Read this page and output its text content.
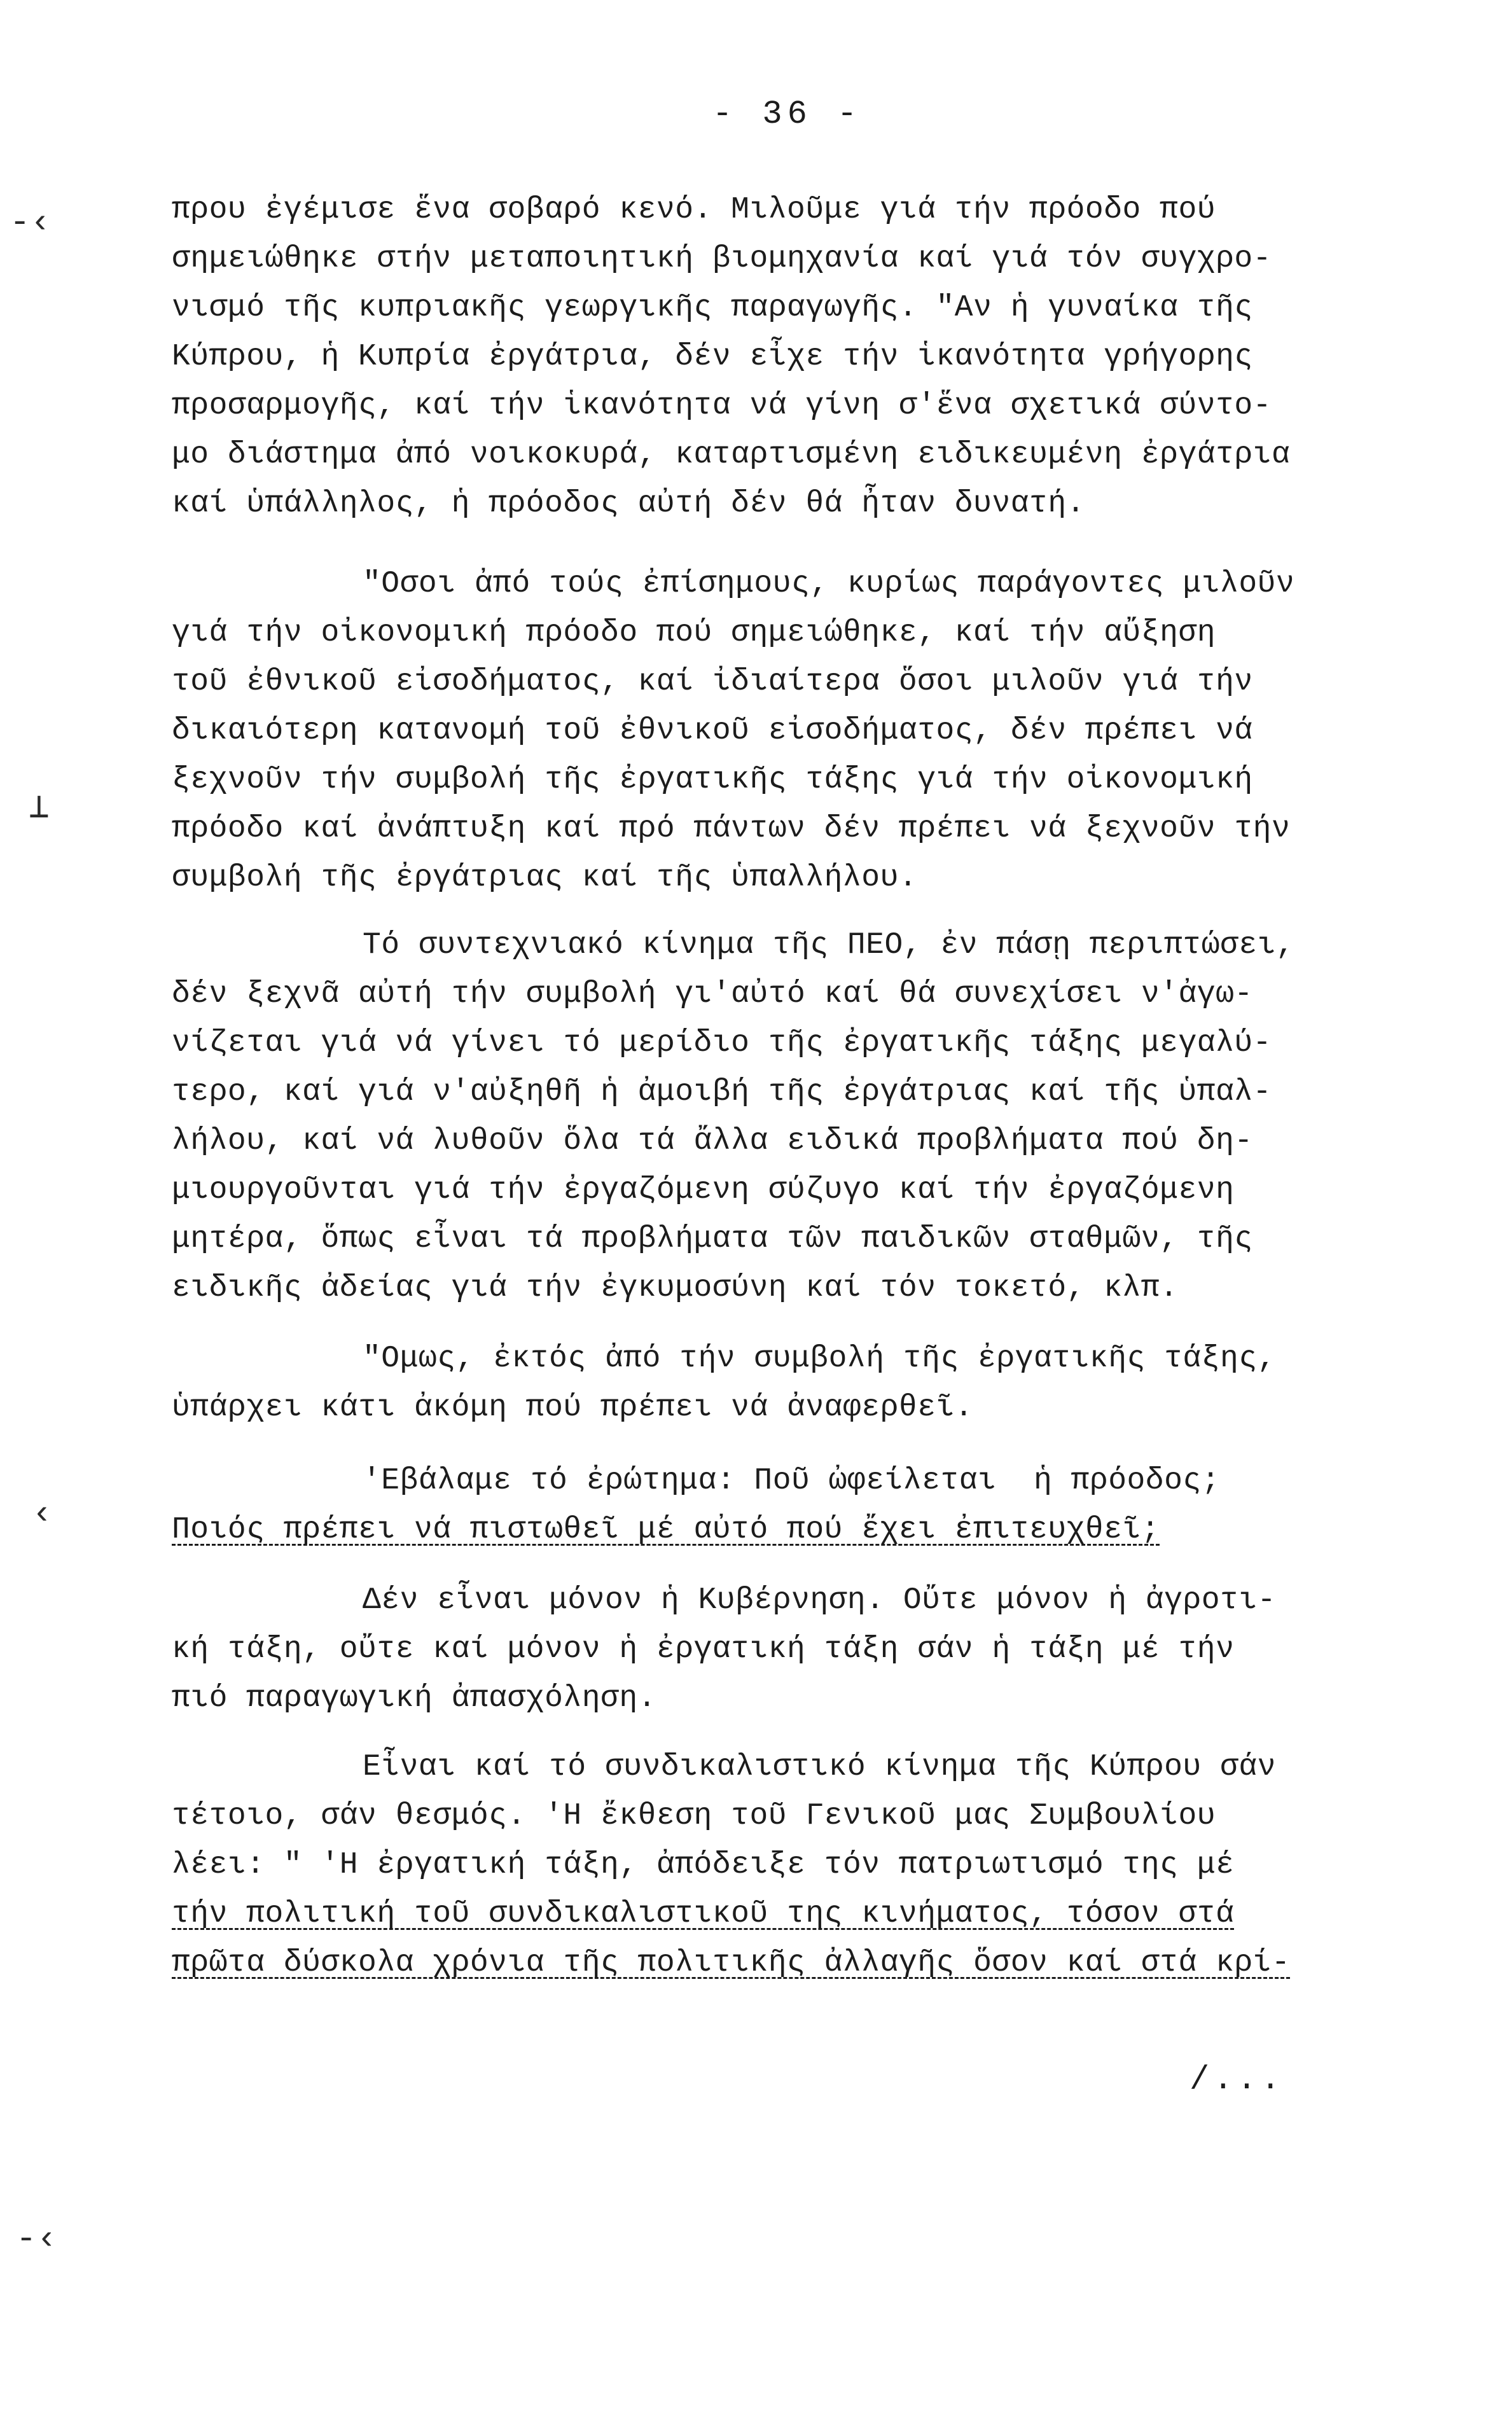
- 36 -
πρου ἐγέμισε ἕνα σοβαρό κενό. Μιλοῦμε γιά τήν πρόοδο πού
σημειώθηκε στήν μεταποιητική βιομηχανία καί γιά τόν συγχρο-
νισμό τῆς κυπριακῆς γεωργικῆς παραγωγῆς. "Αν ἡ γυναίκα τῆς
Κύπρου, ἡ Κυπρία ἐργάτρια, δέν εἶχε τήν ἱκανότητα γρήγορης
προσαρμογῆς, καί τήν ἱκανότητα νά γίνη σ'ἕνα σχετικά σύντο-
μο διάστημα ἀπό νοικοκυρά, καταρτισμένη ειδικευμένη ἐργάτρια
καί ὑπάλληλος, ἡ πρόοδος αὐτή δέν θά ἦταν δυνατή.
"Οσοι ἀπό τούς ἐπίσημους, κυρίως παράγοντες μιλοῦν
γιά τήν οἰκονομική πρόοδο πού σημειώθηκε, καί τήν αὔξηση
τοῦ ἐθνικοῦ εἰσοδήματος, καί ἰδιαίτερα ὅσοι μιλοῦν γιά τήν
δικαιότερη κατανομή τοῦ ἐθνικοῦ εἰσοδήματος, δέν πρέπει νά
ξεχνοῦν τήν συμβολή τῆς ἐργατικῆς τάξης γιά τήν οἰκονομική
πρόοδο καί ἀνάπτυξη καί πρό πάντων δέν πρέπει νά ξεχνοῦν τήν
συμβολή τῆς ἐργάτριας καί τῆς ὑπαλλήλου.
Τό συντεχνιακό κίνημα τῆς ΠΕΟ, ἐν πάσῃ περιπτώσει,
δέν ξεχνᾶ αὐτή τήν συμβολή γι'αὐτό καί θά συνεχίσει ν'ἀγω-
νίζεται γιά νά γίνει τό μερίδιο τῆς ἐργατικῆς τάξης μεγαλύ-
τερο, καί γιά ν'αὐξηθῆ ἡ ἀμοιβή τῆς ἐργάτριας καί τῆς ὑπαλ-
λήλου, καί νά λυθοῦν ὅλα τά ἄλλα ειδικά προβλήματα πού δη-
μιουργοῦνται γιά τήν ἐργαζόμενη σύζυγο καί τήν ἐργαζόμενη
μητέρα, ὅπως εἶναι τά προβλήματα τῶν παιδικῶν σταθμῶν, τῆς
ειδικῆς ἀδείας γιά τήν ἐγκυμοσύνη καί τόν τοκετό, κλπ.
"Ομως, ἐκτός ἀπό τήν συμβολή τῆς ἐργατικῆς τάξης,
ὑπάρχει κάτι ἀκόμη πού πρέπει νά ἀναφερθεῖ.
'Εβάλαμε τό ἐρώτημα: Ποῦ ὠφείλεται  ἡ πρόοδος;
Ποιός πρέπει νά πιστωθεῖ μέ αὐτό πού ἔχει ἐπιτευχθεῖ;
Δέν εἶναι μόνον ἡ Κυβέρνηση. Οὔτε μόνον ἡ ἀγροτι-
κή τάξη, οὔτε καί μόνον ἡ ἐργατική τάξη σάν ἡ τάξη μέ τήν
πιό παραγωγική ἀπασχόληση.
Εἶναι καί τό συνδικαλιστικό κίνημα τῆς Κύπρου σάν
τέτοιο, σάν θεσμός. 'Η ἔκθεση τοῦ Γενικοῦ μας Συμβουλίου
λέει: " 'Η ἐργατική τάξη, ἀπόδειξε τόν πατριωτισμό της μέ
τήν πολιτική τοῦ συνδικαλιστικοῦ της κινήματος, τόσον στά
πρῶτα δύσκολα χρόνια τῆς πολιτικῆς ἀλλαγῆς ὅσον καί στά κρί-
/...
-‹
⊥
‹
-‹
